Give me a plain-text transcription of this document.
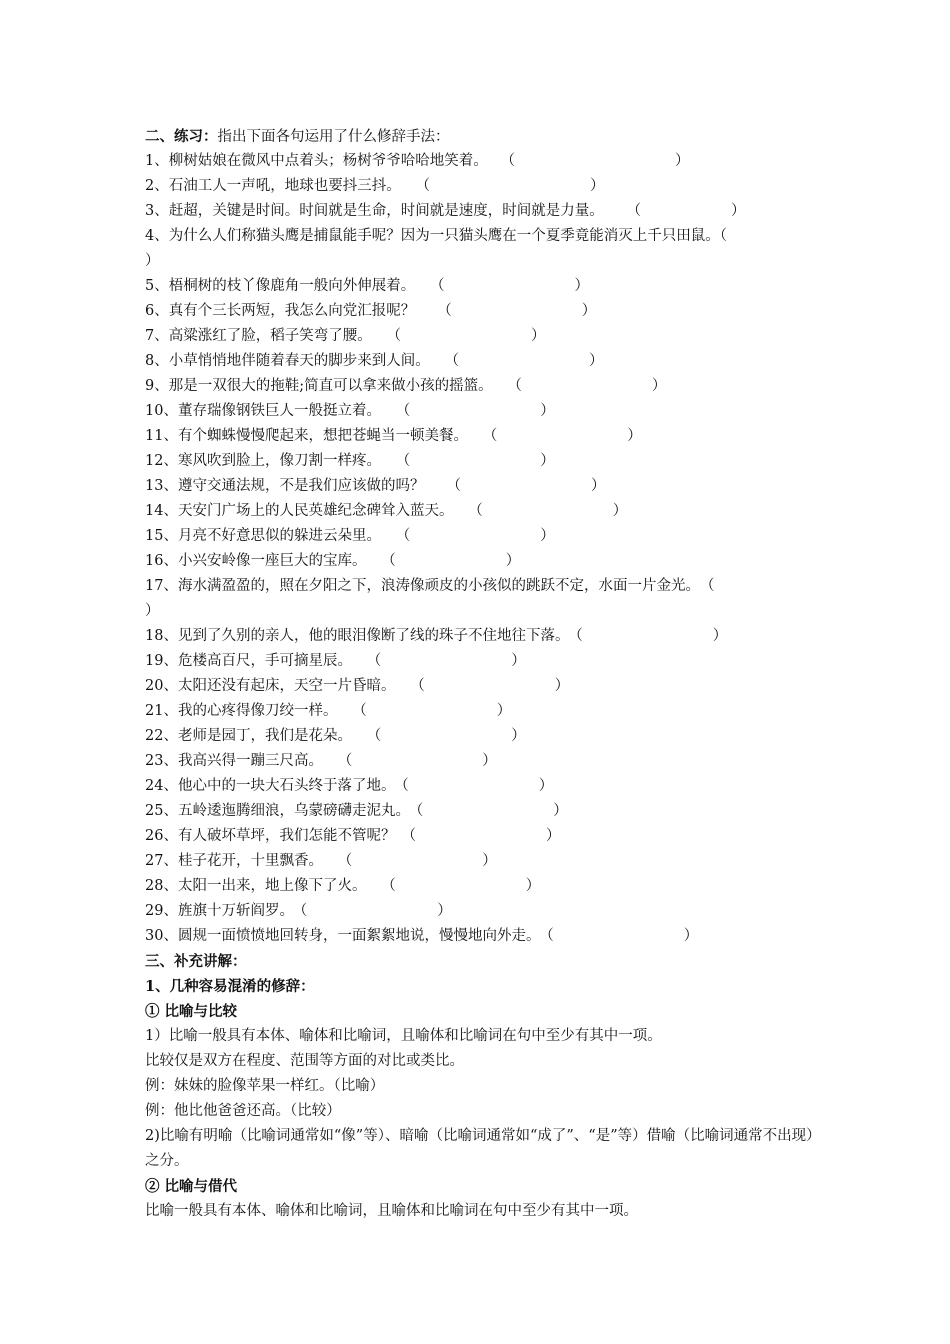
二、练习：指出下面各句运用了什么修辞手法：
1、柳树姑娘在微风中点着头；杨树爷爷哈哈地笑着。 （	）
2、石油工人一声吼，地球也要抖三抖。 （	）
3、赶超，关键是时间。时间就是生命，时间就是速度，时间就是力量。 （	）
4、为什么人们称猫头鹰是捕鼠能手呢？因为一只猫头鹰在一个夏季竟能消灭上千只田鼠。（
）
5、梧桐树的枝丫像鹿角一般向外伸展着。 （	）
6、真有个三长两短，我怎么向党汇报呢？ （	）
7、高粱涨红了脸，稻子笑弯了腰。 （	）
8、小草悄悄地伴随着春天的脚步来到人间。 （	）
9、那是一双很大的拖鞋;简直可以拿来做小孩的摇篮。 （	）
10、董存瑞像钢铁巨人一般挺立着。 （	）
11、有个蜘蛛慢慢爬起来，想把苍蝇当一顿美餐。 （	）
12、寒风吹到脸上，像刀割一样疼。 （	）
13、遵守交通法规，不是我们应该做的吗？ （	）
14、天安门广场上的人民英雄纪念碑耸入蓝天。 （	）
15、月亮不好意思似的躲进云朵里。 （	）
16、小兴安岭像一座巨大的宝库。 （	）
17、海水满盈盈的，照在夕阳之下，浪涛像顽皮的小孩似的跳跃不定，水面一片金光。　（
）
18、见到了久别的亲人，他的眼泪像断了线的珠子不住地往下落。 （	）
19、危楼高百尺，手可摘星辰。 （	）
20、太阳还没有起床，天空一片昏暗。 （	）
21、我的心疼得像刀绞一样。 （	）
22、老师是园丁，我们是花朵。 （	）
23、我高兴得一蹦三尺高。 （	）
24、他心中的一块大石头终于落了地。 （	）
25、五岭逶迤腾细浪，乌蒙磅礴走泥丸。 （	）
26、有人破坏草坪，我们怎能不管呢？ （	）
27、桂子花开，十里飘香。 （	）
28、太阳一出来，地上像下了火。 （	）
29、旌旗十万斩阎罗。 （	）
30、圆规一面愤愤地回转身，一面絮絮地说，慢慢地向外走。 （	）
三、补充讲解：
1、几种容易混淆的修辞：
① 比喻与比较
1）比喻一般具有本体、喻体和比喻词，且喻体和比喻词在句中至少有其中一项。
比较仅是双方在程度、范围等方面的对比或类比。
例：妹妹的脸像苹果一样红。（比喻）
例：他比他爸爸还高。（比较）
2)比喻有明喻（比喻词通常如“像”等）、暗喻（比喻词通常如“成了”、“是”等）借喻（比喻词通常不出现）之分。
② 比喻与借代
比喻一般具有本体、喻体和比喻词，且喻体和比喻词在句中至少有其中一项。
